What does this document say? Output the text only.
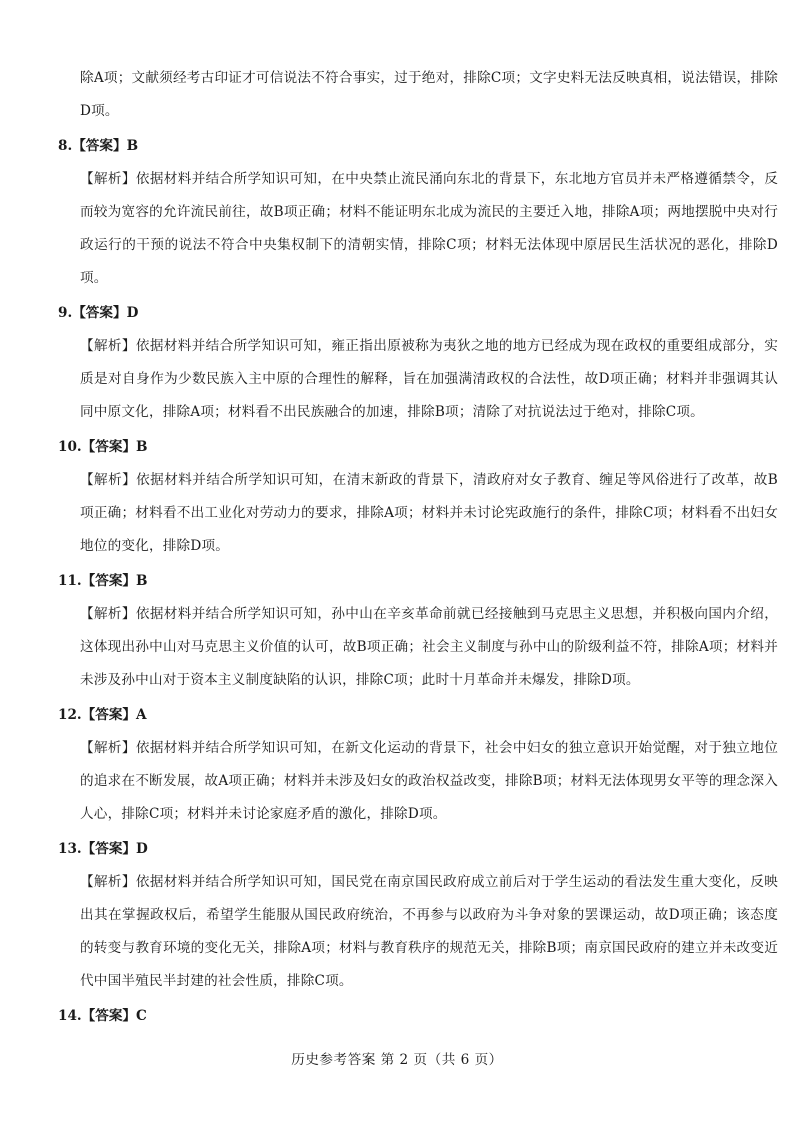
除A项；文献须经考古印证才可信说法不符合事实，过于绝对，排除C项；文字史料无法反映真相，说法错误，排除D项。

8.【答案】B

【解析】依据材料并结合所学知识可知，在中央禁止流民涌向东北的背景下，东北地方官员并未严格遵循禁令，反而较为宽容的允许流民前往，故B项正确；材料不能证明东北成为流民的主要迁入地，排除A项；两地摆脱中央对行政运行的干预的说法不符合中央集权制下的清朝实情，排除C项；材料无法体现中原居民生活状况的恶化，排除D项。

9.【答案】D

【解析】依据材料并结合所学知识可知，雍正指出原被称为夷狄之地的地方已经成为现在政权的重要组成部分，实质是对自身作为少数民族入主中原的合理性的解释，旨在加强满清政权的合法性，故D项正确；材料并非强调其认同中原文化，排除A项；材料看不出民族融合的加速，排除B项；清除了对抗说法过于绝对，排除C项。

10.【答案】B

【解析】依据材料并结合所学知识可知，在清末新政的背景下，清政府对女子教育、缠足等风俗进行了改革，故B项正确；材料看不出工业化对劳动力的要求，排除A项；材料并未讨论宪政施行的条件，排除C项；材料看不出妇女地位的变化，排除D项。

11.【答案】B

【解析】依据材料并结合所学知识可知，孙中山在辛亥革命前就已经接触到马克思主义思想，并积极向国内介绍，这体现出孙中山对马克思主义价值的认可，故B项正确；社会主义制度与孙中山的阶级利益不符，排除A项；材料并未涉及孙中山对于资本主义制度缺陷的认识，排除C项；此时十月革命并未爆发，排除D项。

12.【答案】A

【解析】依据材料并结合所学知识可知，在新文化运动的背景下，社会中妇女的独立意识开始觉醒，对于独立地位的追求在不断发展，故A项正确；材料并未涉及妇女的政治权益改变，排除B项；材料无法体现男女平等的理念深入人心，排除C项；材料并未讨论家庭矛盾的激化，排除D项。

13.【答案】D

【解析】依据材料并结合所学知识可知，国民党在南京国民政府成立前后对于学生运动的看法发生重大变化，反映出其在掌握政权后，希望学生能服从国民政府统治，不再参与以政府为斗争对象的罢课运动，故D项正确；该态度的转变与教育环境的变化无关，排除A项；材料与教育秩序的规范无关，排除B项；南京国民政府的建立并未改变近代中国半殖民半封建的社会性质，排除C项。

14.【答案】C

历史参考答案 第 2 页（共 6 页）
